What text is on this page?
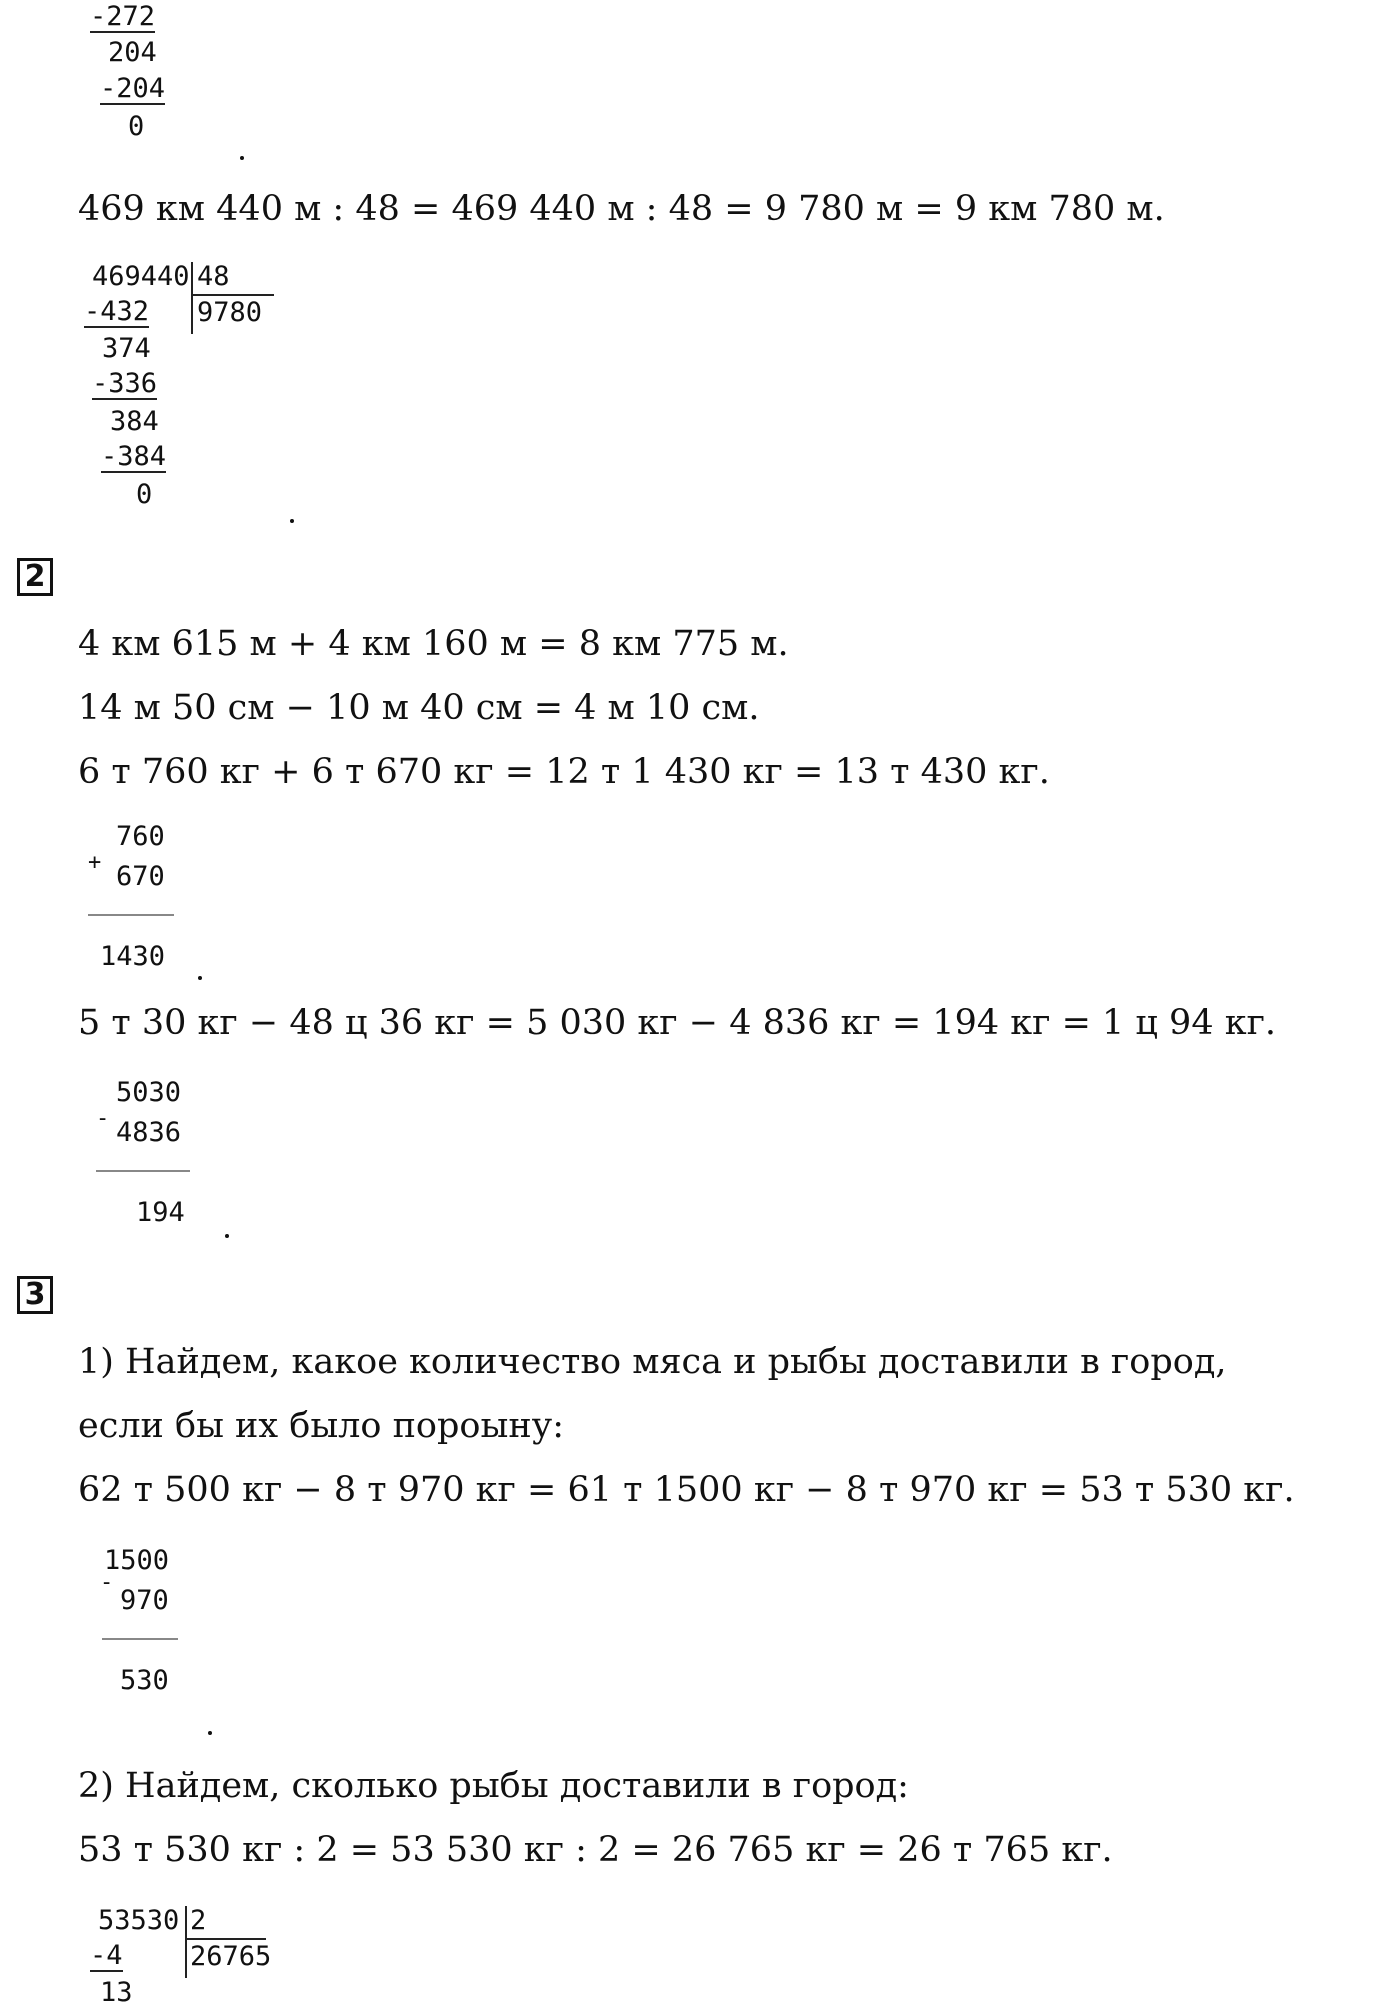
-272
204
-204
0
469 км 440 м : 48 = 469 440 м : 48 = 9 780 м = 9 км 780 м.
469440 48
9780
-432
374
-336
384
-384
0
2
4 км 615 м + 4 км 160 м = 8 км 775 м.
14 м 50 см − 10 м 40 см = 4 м 10 см.
6 т 760 кг + 6 т 670 кг = 12 т 1 430 кг = 13 т 430 кг.
+
760
670
1430
5 т 30 кг − 48 ц 36 кг = 5 030 кг − 4 836 кг = 194 кг = 1 ц 94 кг.
-
5030
4836
194
3
1) Найдем, какое количество мяса и рыбы доставили в город,
если бы их было пороыну:
62 т 500 кг − 8 т 970 кг = 61 т 1500 кг − 8 т 970 кг = 53 т 530 кг.
-
1500
970
530
2) Найдем, сколько рыбы доставили в город:
53 т 530 кг : 2 = 53 530 кг : 2 = 26 765 кг = 26 т 765 кг.
53530 2
26765
-4
13
